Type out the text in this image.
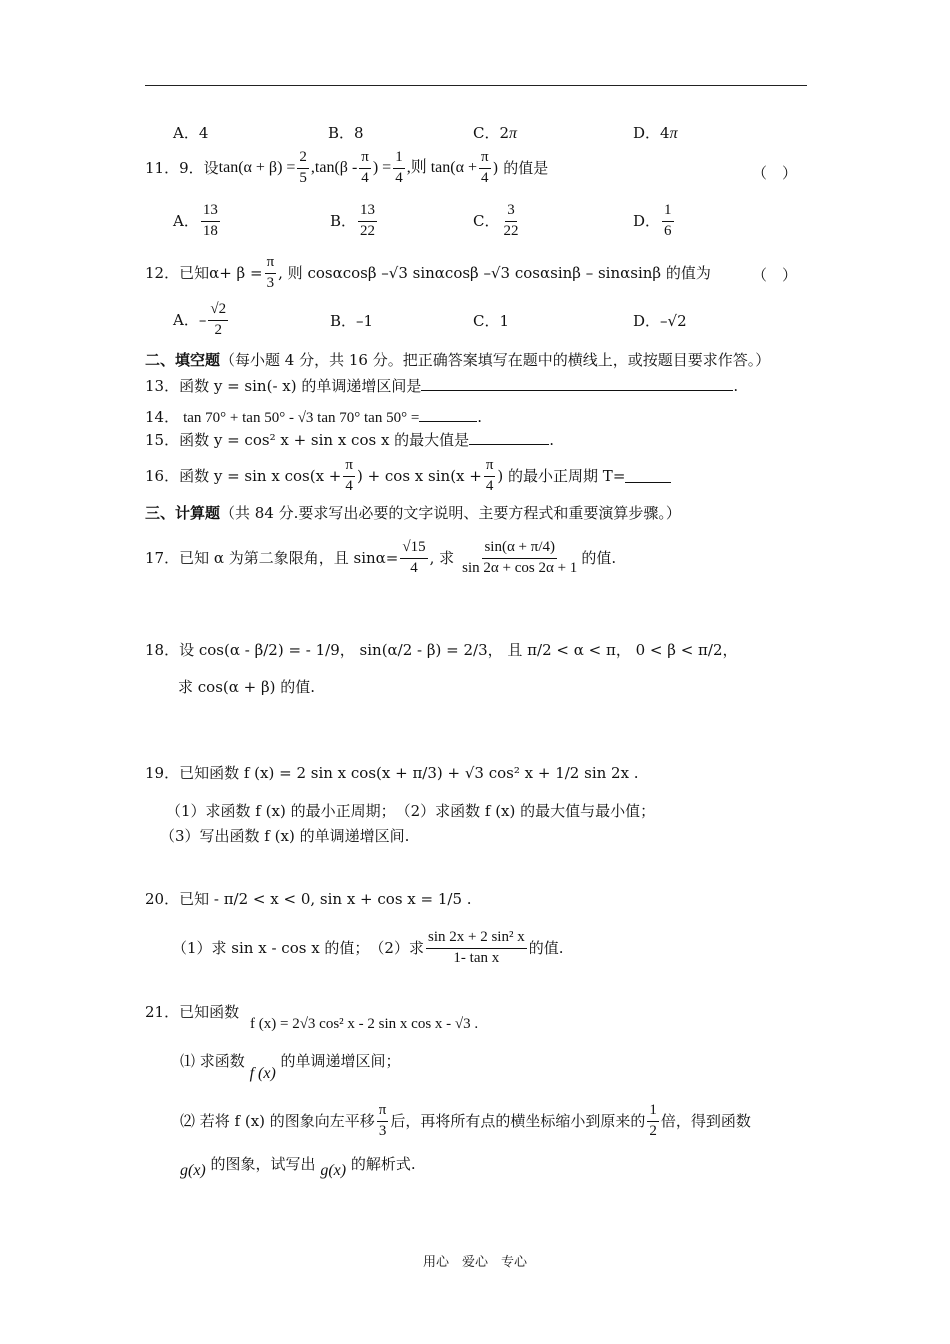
A．4	B．8	C．2π	D．4π
11．9．设 $\tan(\alpha + \beta) = \frac{2}{5} ,\tan(\beta - \frac{\pi}{4}$ ) = $\frac{1}{4}$ ,则 $\tan(\alpha + \frac{\pi}{4}$ ) 的值是	（　）
A． $\frac{13}{18}$	B． $\frac{13}{22}$	C． $\frac{3}{22}$	D． $\frac{1}{6}$
12．已知$\alpha+ \beta = \frac{\pi}{3}$ , 则 cosαcosβ –√3 sinαcosβ –√3 cosαsinβ – sinαsinβ 的值为	（　）
A．– $\frac{√2}{2}$	B．–1	C．1	D．–√2
二、填空题（每小题 4 分，共 16 分。把正确答案填写在题中的横线上，或按题目要求作答。）
13．函数 y = sin(- x) 的单调递增区间是	.
14． tan 70° + tan 50° - √3 tan 70° tan 50° =	.
15．函数 y = cos² x + sin x cos x 的最大值是	.
16．函数 y = sin x $\cos(x + \frac{\pi}{4}$ ) + cos x $\sin(x + \frac{\pi}{4}$ ) 的最小正周期 T=
三、计算题（共 84 分.要求写出必要的文字说明、主要方程式和重要演算步骤。）
17．已知 α 为第二象限角，且 $\sin\alpha= \frac{√15}{4}$ , 求 $\frac{\sin(\alpha + \pi/4)}{\sin 2\alpha + \cos 2\alpha + 1}$ 的值.
18．设 cos(α - β/2) = - 1/9， sin(α/2 - β) = 2/3， 且 π/2 < α < π， 0 < β < π/2，
求 cos(α + β) 的值.
19．已知函数 f (x) = 2 sin x cos(x + π/3) + √3 cos² x + 1/2 sin 2x .
（1）求函数 f (x) 的最小正周期；　（2）求函数 f (x) 的最大值与最小值；
（3）写出函数 f (x) 的单调递增区间.
20．已知 - π/2 < x < 0, sin x + cos x = 1/5 .
（1）求 sin x - cos x 的值；　（2）求 $\frac{\text{sin 2x + 2 sin² x}}{\text{1- tan x}}$ 的值.
21．已知函数
f (x) = 2√3 cos² x - 2 sin x cos x - √3 .
⑴ 求函数 f (x) 的单调递增区间；
⑵ 若将 f (x) 的图象向左平移 $\frac{\pi}{3}$ 后，再将所有点的横坐标缩小到原来的 $\frac{1}{2}$ 倍，得到函数
g(x) 的图象，试写出 g(x) 的解析式.
用心　爱心　专心
